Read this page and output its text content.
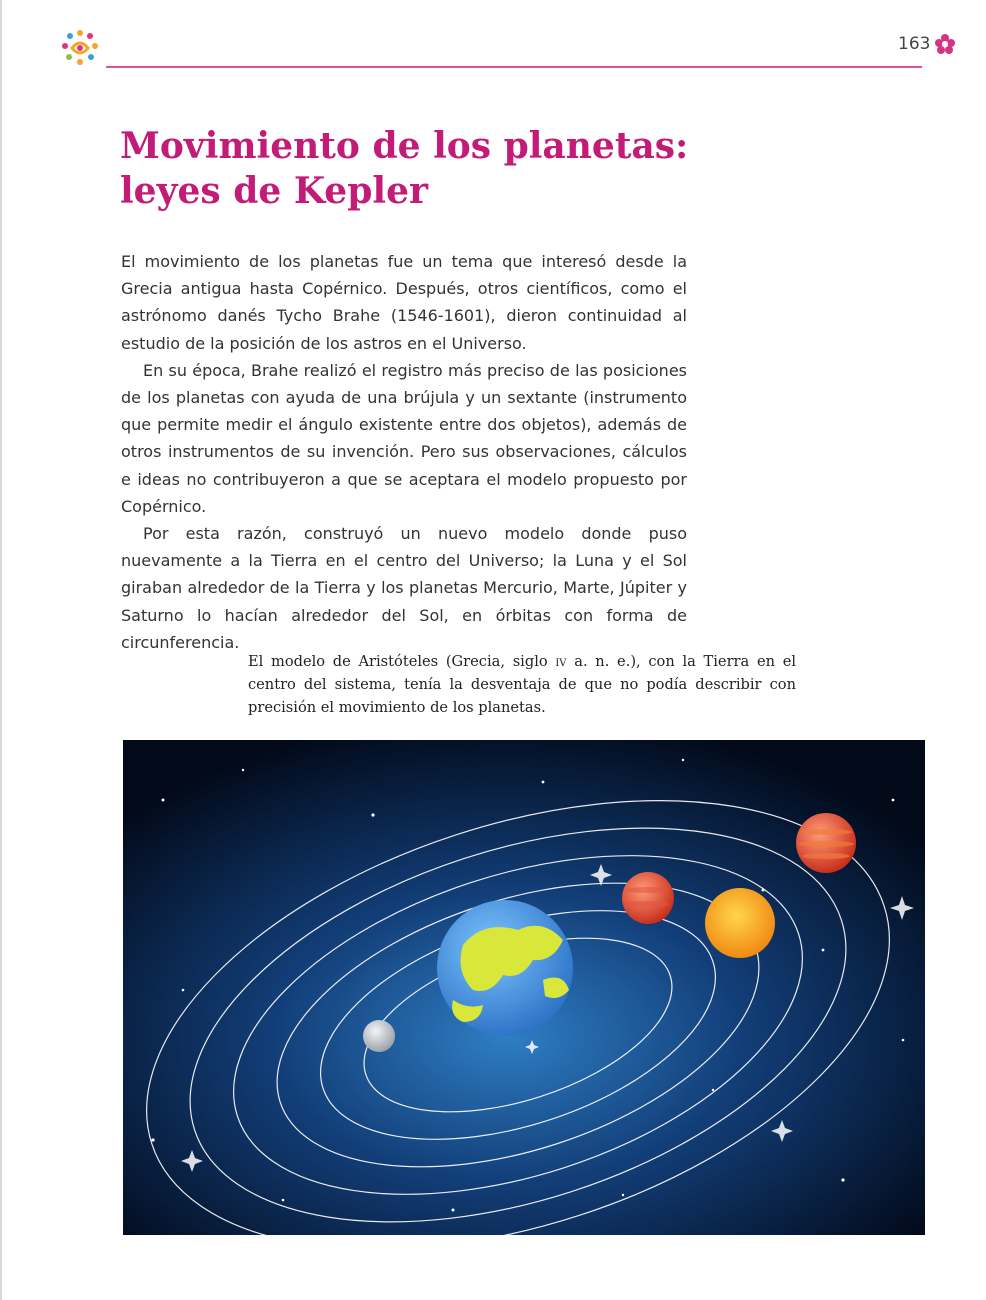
163
Movimiento de los planetas:
leyes de Kepler

El movimiento de los planetas fue un tema que interesó desde la Grecia antigua hasta Copérnico. Después, otros científicos, como el astrónomo danés Tycho Brahe (1546-1601), dieron continuidad al estudio de la posición de los astros en el Universo.

En su época, Brahe realizó el registro más preciso de las posiciones de los planetas con ayuda de una brújula y un sextante (instrumento que permite medir el ángulo existente entre dos objetos), además de otros instrumentos de su invención. Pero sus observaciones, cálculos e ideas no contribuyeron a que se aceptara el modelo propuesto por Copérnico.

Por esta razón, construyó un nuevo modelo donde puso nuevamente a la Tierra en el centro del Universo; la Luna y el Sol giraban alrededor de la Tierra y los planetas Mercurio, Marte, Júpiter y Saturno lo hacían alrededor del Sol, en órbitas con forma de circunferencia.

El modelo de Aristóteles (Grecia, siglo iv a. n. e.), con la Tierra en el centro del sistema, tenía la desventaja de que no podía describir con precisión el movimiento de los planetas.
